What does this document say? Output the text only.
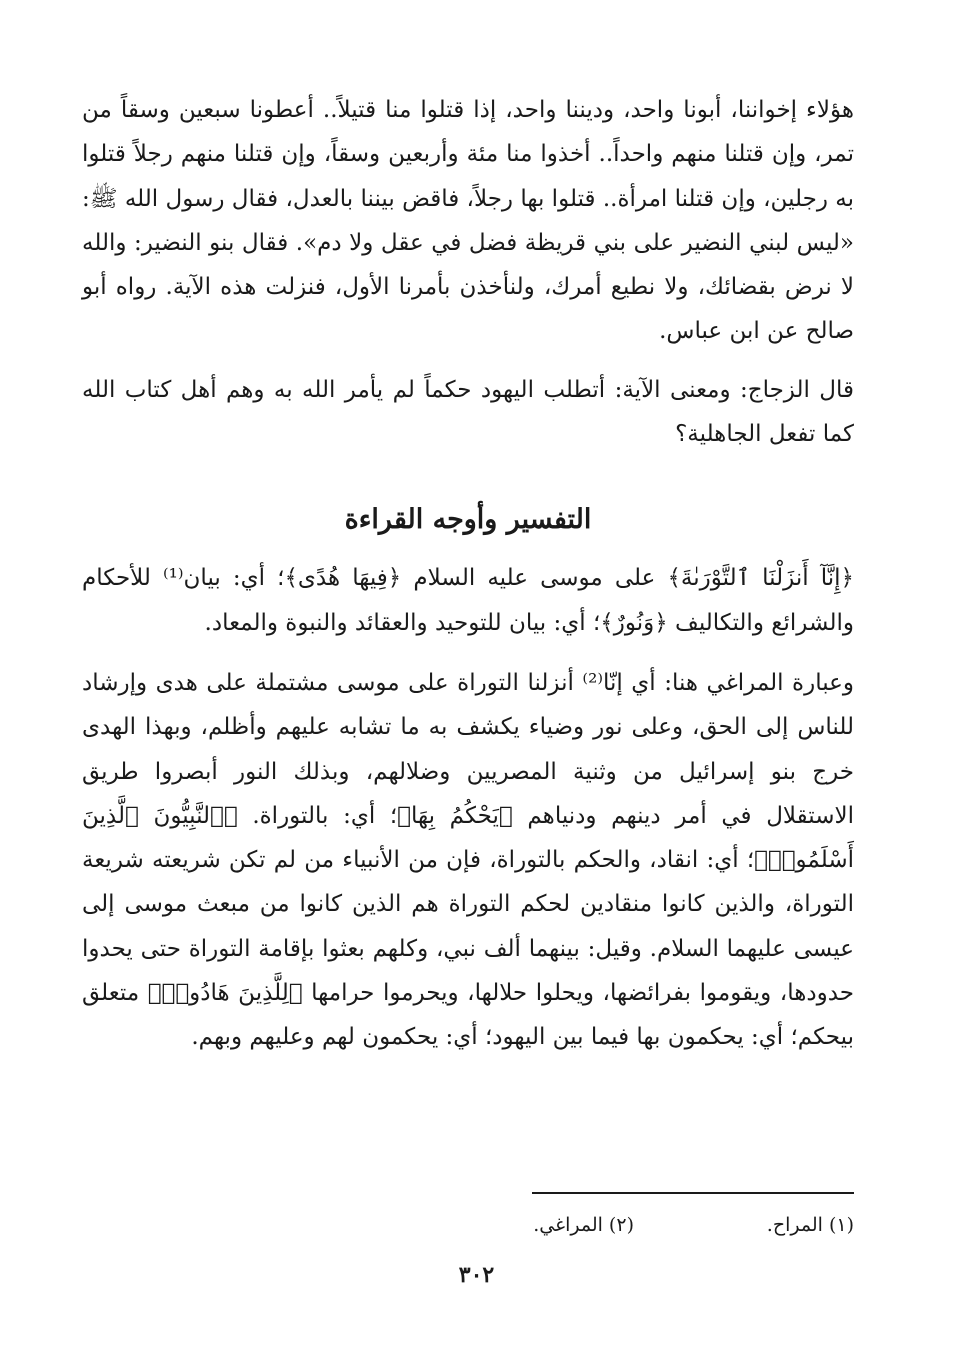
هؤلاء إخواننا، أبونا واحد، وديننا واحد، إذا قتلوا منا قتيلاً.. أعطونا سبعين وسقاً من تمر، وإن قتلنا منهم واحداً.. أخذوا منا مئة وأربعين وسقاً، وإن قتلنا منهم رجلاً قتلوا به رجلين، وإن قتلنا امرأة.. قتلوا بها رجلاً، فاقض بيننا بالعدل، فقال رسول الله ﷺ: «ليس لبني النضير على بني قريظة فضل في عقل ولا دم». فقال بنو النضير: والله لا نرض بقضائك، ولا نطيع أمرك، ولنأخذن بأمرنا الأول، فنزلت هذه الآية. رواه أبو صالح عن ابن عباس.

قال الزجاج: ومعنى الآية: أتطلب اليهود حكماً لم يأمر الله به وهم أهل كتاب الله كما تفعل الجاهلية؟

التفسير وأوجه القراءة

﴿إِنَّآ أَنزَلْنَا ٱلتَّوْرَىٰةَ﴾ على موسى عليه السلام ﴿فِيهَا هُدًى﴾؛ أي: بيان⁽¹⁾ للأحكام والشرائع والتكاليف ﴿وَنُورٌ﴾؛ أي: بيان للتوحيد والعقائد والنبوة والمعاد.

وعبارة المراغي هنا: أي إنّا⁽²⁾ أنزلنا التوراة على موسى مشتملة على هدى وإرشاد للناس إلى الحق، وعلى نور وضياء يكشف به ما تشابه عليهم وأظلم، وبهذا الهدى خرج بنو إسرائيل من وثنية المصريين وضلالهم، وبذلك النور أبصروا طريق الاستقلال في أمر دينهم ودنياهم ﴿يَحْكُمُ بِهَا﴾؛ أي: بالتوراة. ﴿ٱلنَّبِيُّونَ ٱلَّذِينَ أَسْلَمُوا۟﴾؛ أي: انقاد، والحكم بالتوراة، فإن من الأنبياء من لم تكن شريعته شريعة التوراة، والذين كانوا منقادين لحكم التوراة هم الذين كانوا من مبعث موسى إلى عيسى عليهما السلام. وقيل: بينهما ألف نبي، وكلهم بعثوا بإقامة التوراة حتى يحدوا حدودها، ويقوموا بفرائضها، ويحلوا حلالها، ويحرموا حرامها ﴿لِلَّذِينَ هَادُوا۟﴾ متعلق بيحكم؛ أي: يحكمون بها فيما بين اليهود؛ أي: يحكمون لهم وعليهم وبهم.

(١) المراح.
(٢) المراغي.
٣٠٢
